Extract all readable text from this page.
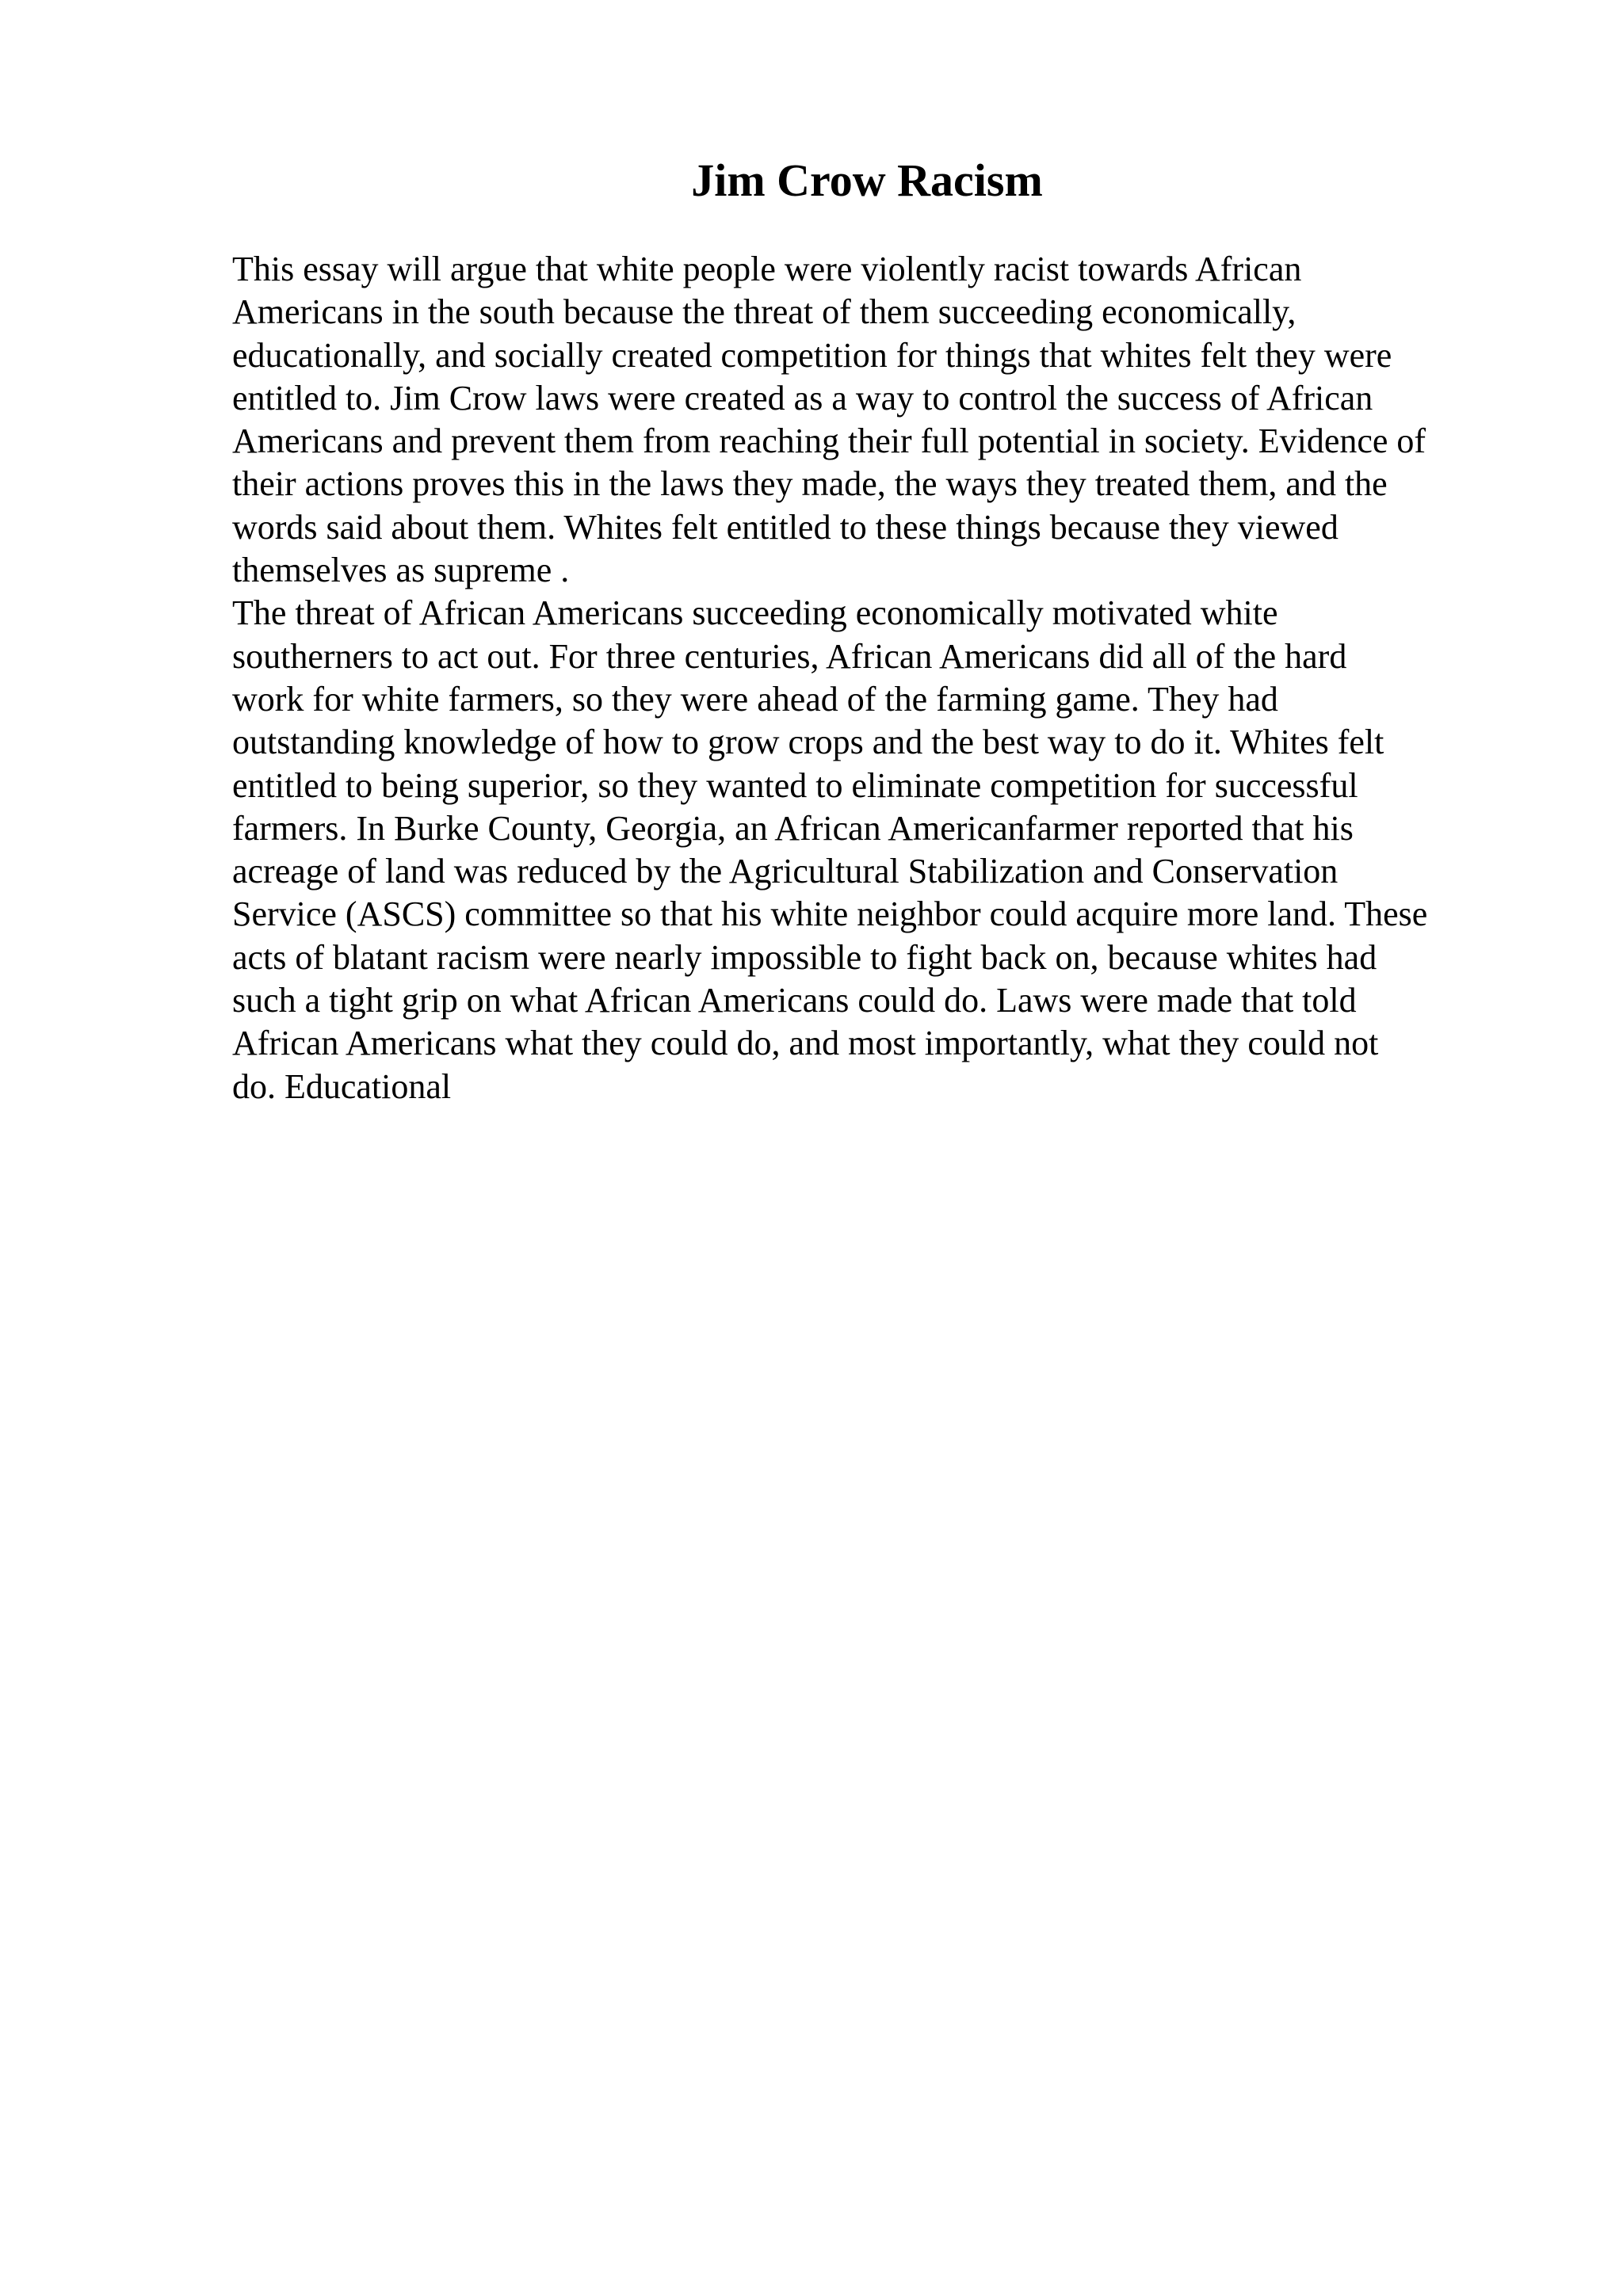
Jim Crow Racism
This essay will argue that white people were violently racist towards African
Americans in the south because the threat of them succeeding economically,
educationally, and socially created competition for things that whites felt they were
entitled to. Jim Crow laws were created as a way to control the success of African
Americans and prevent them from reaching their full potential in society. Evidence of
their actions proves this in the laws they made, the ways they treated them, and the
words said about them. Whites felt entitled to these things because they viewed
themselves as supreme .
The threat of African Americans succeeding economically motivated white
southerners to act out. For three centuries, African Americans did all of the hard
work for white farmers, so they were ahead of the farming game. They had
outstanding knowledge of how to grow crops and the best way to do it. Whites felt
entitled to being superior, so they wanted to eliminate competition for successful
farmers. In Burke County, Georgia, an African Americanfarmer reported that his
acreage of land was reduced by the Agricultural Stabilization and Conservation
Service (ASCS) committee so that his white neighbor could acquire more land. These
acts of blatant racism were nearly impossible to fight back on, because whites had
such a tight grip on what African Americans could do. Laws were made that told
African Americans what they could do, and most importantly, what they could not
do. Educational
